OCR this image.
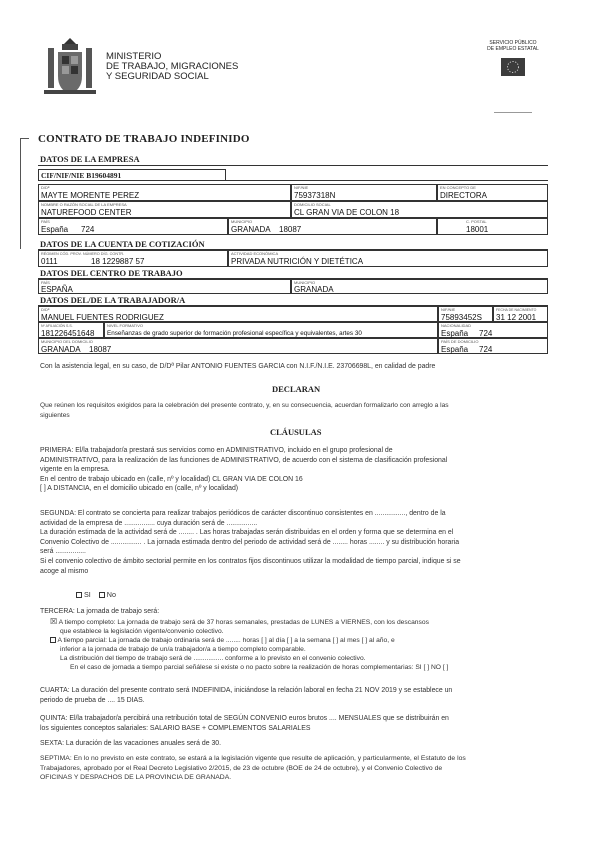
MINISTERIO
DE TRABAJO, MIGRACIONES
Y SEGURIDAD SOCIAL
SERVICIO PÚBLICO
DE EMPLEO ESTATAL
CONTRATO DE TRABAJO INDEFINIDO
DATOS DE LA EMPRESA
CIF/NIF/NIE B19604891
D/Dª
MAYTE MORENTE PEREZ
NIF/NIE
75937318N
EN CONCEPTO DE
DIRECTORA
NOMBRE O RAZÓN SOCIAL DE LA EMPRESA
NATUREFOOD CENTER
DOMICILIO SOCIAL
CL GRAN VIA DE COLON 18
PAÍS
España 724
MUNICIPIO
GRANADA 18087
C. POSTAL
18001
DATOS DE LA CUENTA DE COTIZACIÓN
RÉGIMEN CÓD. PROV. NÚMERO DÍG. CONTR.
0111	18 1229887 57
ACTIVIDAD ECONÓMICA
PRIVADA NUTRICIÓN Y DIETÉTICA
DATOS DEL CENTRO DE TRABAJO
PAÍS
ESPAÑA
MUNICIPIO
GRANADA
DATOS DEL/DE LA TRABAJADOR/A
D/Dª
MANUEL FUENTES RODRIGUEZ
NIF/NIE
75893452S
FECHA DE NACIMIENTO
31 12 2001
Nº AFILIACIÓN S.S.
181226451648
NIVEL FORMATIVO
Enseñanzas de grado superior de formación profesional específica y equivalentes, artes 30
NACIONALIDAD
España 724
MUNICIPIO DEL DOMICILIO
GRANADA 18087
PAÍS DE DOMICILIO
España 724
Con la asistencia legal, en su caso, de D/Dª Pilar ANTONIO FUENTES GARCIA con N.I.F./N.I.E. 23706698L, en calidad de padre
DECLARAN
Que reúnen los requisitos exigidos para la celebración del presente contrato, y, en su consecuencia, acuerdan formalizarlo con arreglo a las
siguientes
CLÁUSULAS
PRIMERA: El/la trabajador/a prestará sus servicios como en ADMINISTRATIVO, incluido en el grupo profesional de
ADMINISTRATIVO, para la realización de las funciones de ADMINISTRATIVO, de acuerdo con el sistema de clasificación profesional
vigente en la empresa.
En el centro de trabajo ubicado en (calle, nº y localidad) CL GRAN VIA DE COLON 16
[ ] A DISTANCIA, en el domicilio ubicado en (calle, nº y localidad)
SEGUNDA: El contrato se concierta para realizar trabajos periódicos de carácter discontinuo consistentes en ................, dentro de la
actividad de la empresa de ................ cuya duración será de ................
La duración estimada de la actividad será de ........ . Las horas trabajadas serán distribuidas en el orden y forma que se determina en el
Convenio Colectivo de ................ . La jornada estimada dentro del periodo de actividad será de ........ horas ........ y su distribución horaria
será ................
Si el convenio colectivo de ámbito sectorial permite en los contratos fijos discontinuos utilizar la modalidad de tiempo parcial, indique si se
acoge al mismo
SI No
TERCERA: La jornada de trabajo será:
☒ A tiempo completo: La jornada de trabajo será de 37 horas semanales, prestadas de LUNES a VIERNES, con los descansos
que establece la legislación vigente/convenio colectivo.
A tiempo parcial: La jornada de trabajo ordinaria será de ........ horas [ ] al día [ ] a la semana [ ] al mes [ ] al año, e
inferior a la jornada de trabajo de un/a trabajador/a a tiempo completo comparable.
La distribución del tiempo de trabajo será de ................ conforme a lo previsto en el convenio colectivo.
En el caso de jornada a tiempo parcial señálese si existe o no pacto sobre la realización de horas complementarias: SI [ ] NO [ ]
CUARTA: La duración del presente contrato será INDEFINIDA, iniciándose la relación laboral en fecha 21 NOV 2019 y se establece un
periodo de prueba de .... 15 DIAS.
QUINTA: El/la trabajador/a percibirá una retribución total de SEGÚN CONVENIO euros brutos .... MENSUALES que se distribuirán en
los siguientes conceptos salariales: SALARIO BASE + COMPLEMENTOS SALARIALES
SEXTA: La duración de las vacaciones anuales será de 30.
SEPTIMA: En lo no previsto en este contrato, se estará a la legislación vigente que resulte de aplicación, y particularmente, el Estatuto de los
Trabajadores, aprobado por el Real Decreto Legislativo 2/2015, de 23 de octubre (BOE de 24 de octubre), y el Convenio Colectivo de
OFICINAS Y DESPACHOS DE LA PROVINCIA DE GRANADA.
